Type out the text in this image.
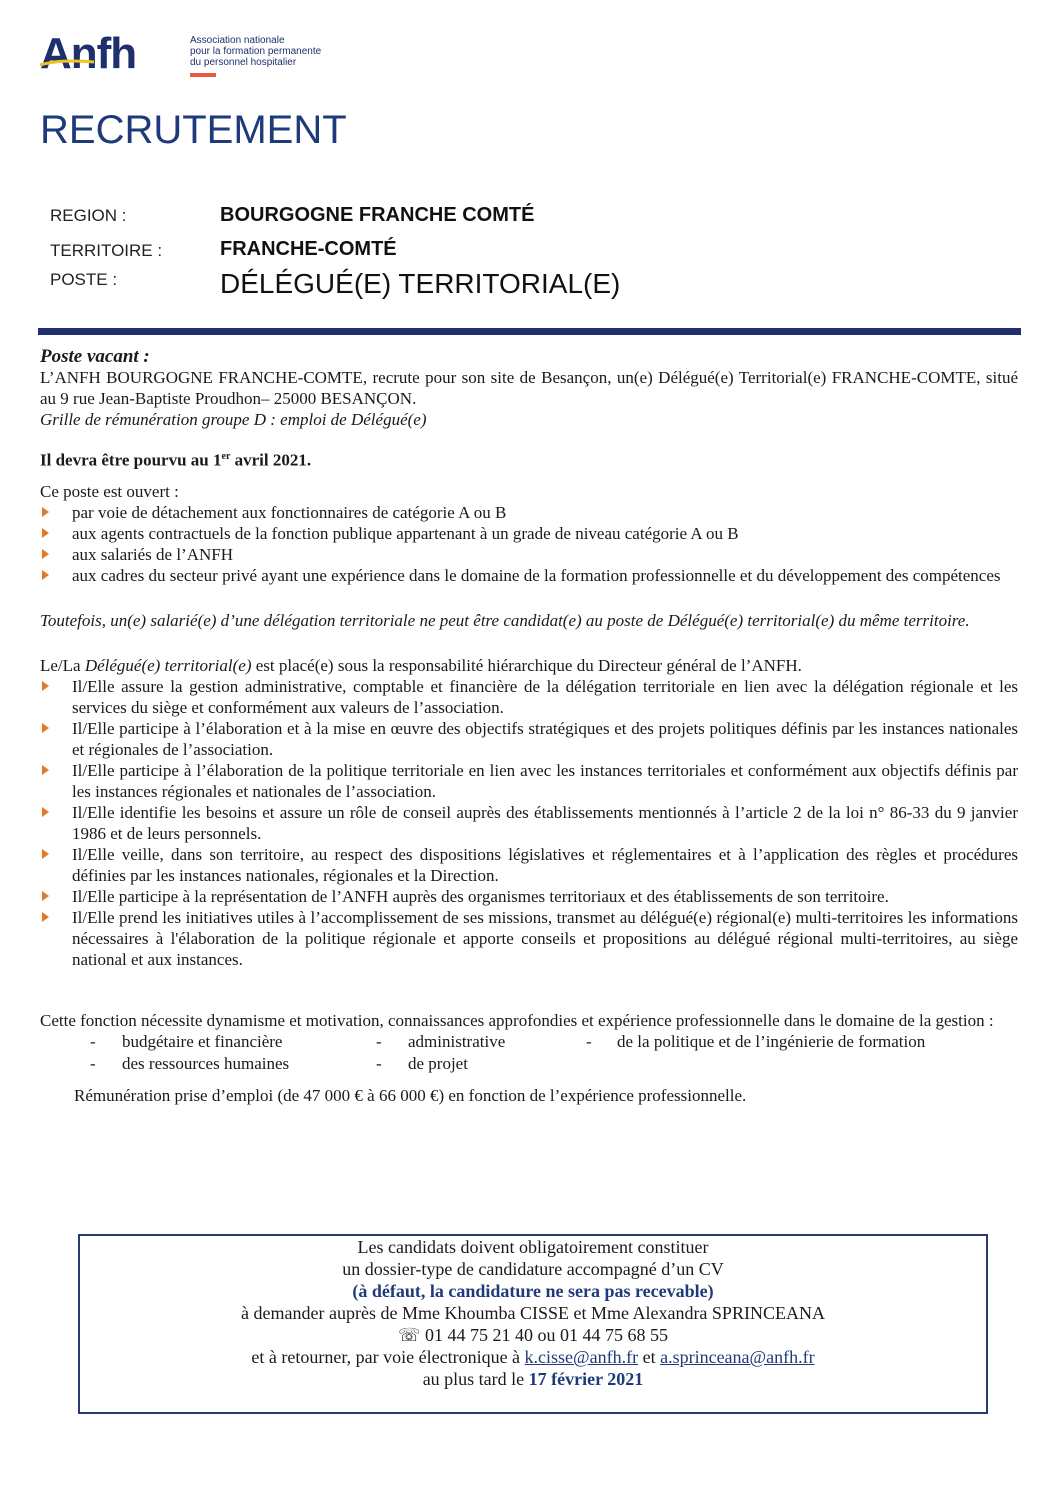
Anfh	Association nationale
pour la formation permanente
du personnel hospitalier
RECRUTEMENT
REGION :	BOURGOGNE FRANCHE COMTÉ
TERRITOIRE :	FRANCHE-COMTÉ
POSTE :	DÉLÉGUÉ(E) TERRITORIAL(E)

Poste vacant :

L’ANFH BOURGOGNE FRANCHE-COMTE, recrute pour son site de Besançon, un(e) Délégué(e) Territorial(e) FRANCHE-COMTE, situé au 9 rue Jean-Baptiste Proudhon– 25000 BESANÇON.

Grille de rémunération groupe D : emploi de Délégué(e)

Il devra être pourvu au 1er avril 2021.

Ce poste est ouvert :

par voie de détachement aux fonctionnaires de catégorie A ou B
aux agents contractuels de la fonction publique appartenant à un grade de niveau catégorie A ou B
aux salariés de l’ANFH
aux cadres du secteur privé ayant une expérience dans le domaine de la formation professionnelle et du développement des compétences

Toutefois, un(e) salarié(e) d’une délégation territoriale ne peut être candidat(e) au poste de Délégué(e) territorial(e) du même territoire.

Le/La Délégué(e) territorial(e) est placé(e) sous la responsabilité hiérarchique du Directeur général de l’ANFH.

Il/Elle assure la gestion administrative, comptable et financière de la délégation territoriale en lien avec la délégation régionale et les services du siège et conformément aux valeurs de l’association.
Il/Elle participe à l’élaboration et à la mise en œuvre des objectifs stratégiques et des projets politiques définis par les instances nationales et régionales de l’association.
Il/Elle participe à l’élaboration de la politique territoriale en lien avec les instances territoriales et conformément aux objectifs définis par les instances régionales et nationales de l’association.
Il/Elle identifie les besoins et assure un rôle de conseil auprès des établissements mentionnés à l’article 2 de la loi n° 86-33 du 9 janvier 1986 et de leurs personnels.
Il/Elle veille, dans son territoire, au respect des dispositions législatives et réglementaires et à l’application des règles et procédures définies par les instances nationales, régionales et la Direction.
Il/Elle participe à la représentation de l’ANFH auprès des organismes territoriaux et des établissements de son territoire.
Il/Elle prend les initiatives utiles à l’accomplissement de ses missions, transmet au délégué(e) régional(e) multi-territoires les informations nécessaires à l'élaboration de la politique régionale et apporte conseils et propositions au délégué régional multi-territoires, au siège national et aux instances.

Cette fonction nécessite dynamisme et motivation, connaissances approfondies et expérience professionnelle dans le domaine de la gestion :

- budgétaire et financière	- administrative	- de la politique et de l’ingénierie de formation
- des ressources humaines	- de projet

Rémunération prise d’emploi (de 47 000 € à 66 000 €) en fonction de l’expérience professionnelle.

Les candidats doivent obligatoirement constituer
un dossier-type de candidature accompagné d’un CV
(à défaut, la candidature ne sera pas recevable)
à demander auprès de Mme Khoumba CISSE et Mme Alexandra SPRINCEANA
☏ 01 44 75 21 40 ou 01 44 75 68 55
et à retourner, par voie électronique à k.cisse@anfh.fr et a.sprinceana@anfh.fr
au plus tard le 17 février 2021
